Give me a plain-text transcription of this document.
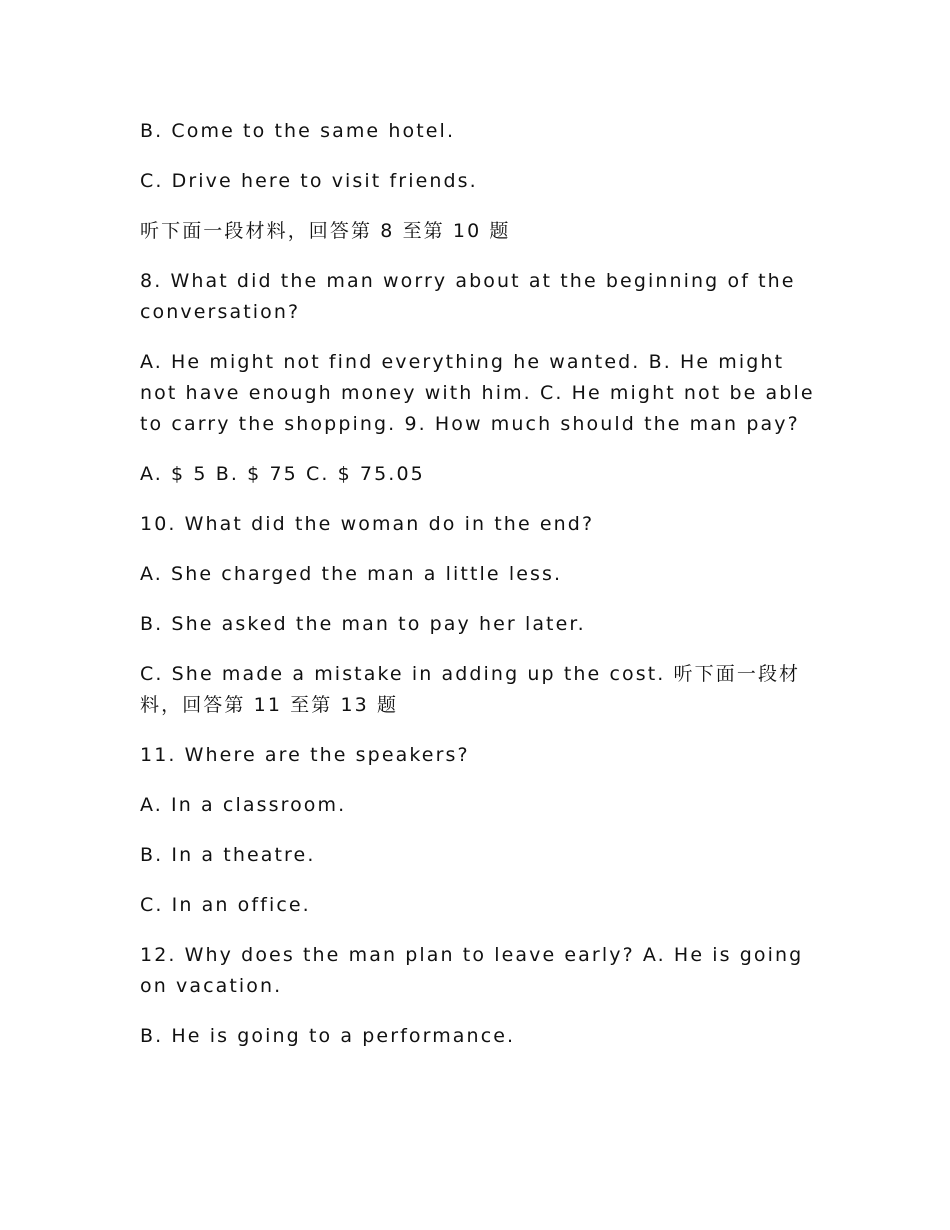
B. Come to the same hotel.

C. Drive here to visit friends.

听下面一段材料，回答第 8 至第 10 题

8. What did the man worry about at the beginning of the conversation?

A. He might not find everything he wanted. B. He might not have enough money with him. C. He might not be able to carry the shopping. 9. How much should the man pay?

A. $ 5 B. $ 75 C. $ 75.05

10. What did the woman do in the end?

A. She charged the man a little less.

B. She asked the man to pay her later.

C. She made a mistake in adding up the cost. 听下面一段材料，回答第 11 至第 13 题

11. Where are the speakers?

A. In a classroom.

B. In a theatre.

C. In an office.

12. Why does the man plan to leave early? A. He is going on vacation.

B. He is going to a performance.
